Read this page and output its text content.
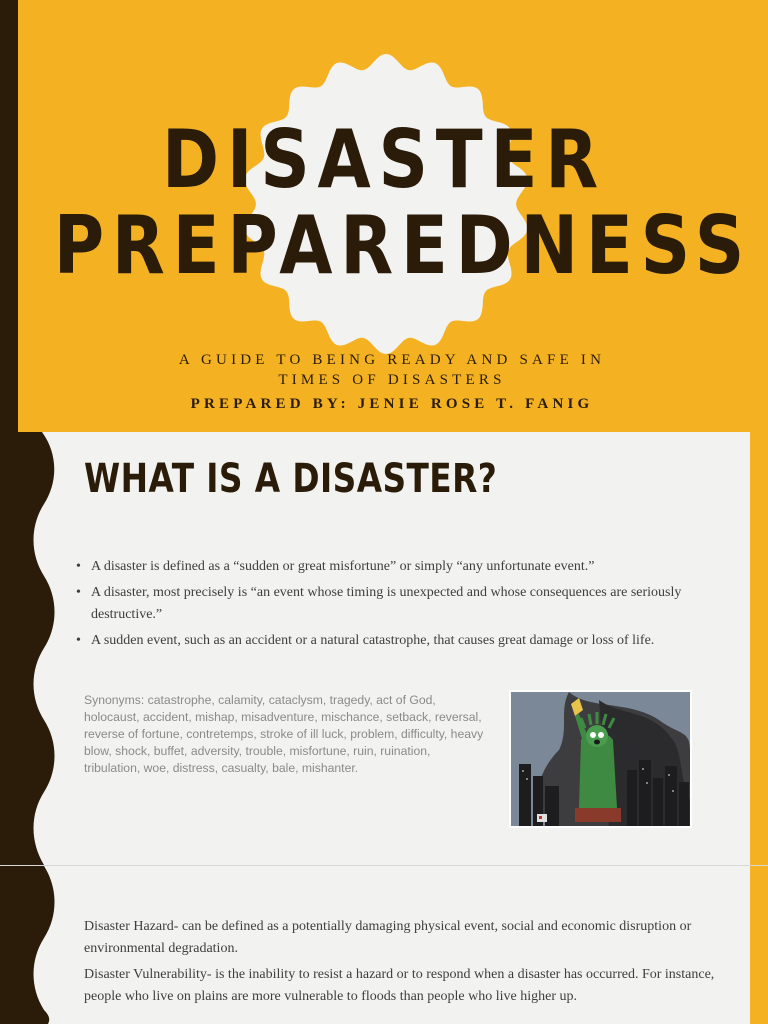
DISASTER
PREPAREDNESS
A GUIDE TO BEING READY AND SAFE IN
TIMES OF DISASTERS
PREPARED BY: JENIE ROSE T. FANIG
WHAT IS A DISASTER?
• A disaster is defined as a “sudden or great misfortune” or simply “any unfortunate event.”
• A disaster, most precisely is “an event whose timing is unexpected and whose consequences are seriously destructive.”
• A sudden event, such as an accident or a natural catastrophe, that causes great damage or loss of life.
Synonyms: catastrophe, calamity, cataclysm, tragedy, act of God, holocaust, accident, mishap, misadventure, mischance, setback, reversal, reverse of fortune, contretemps, stroke of ill luck, problem, difficulty, heavy blow, shock, buffet, adversity, trouble, misfortune, ruin, ruination, tribulation, woe, distress, casualty, bale, mishanter.

Disaster Hazard- can be defined as a potentially damaging physical event, social and economic disruption or environmental degradation.

Disaster Vulnerability- is the inability to resist a hazard or to respond when a disaster has occurred. For instance, people who live on plains are more vulnerable to floods than people who live higher up.
